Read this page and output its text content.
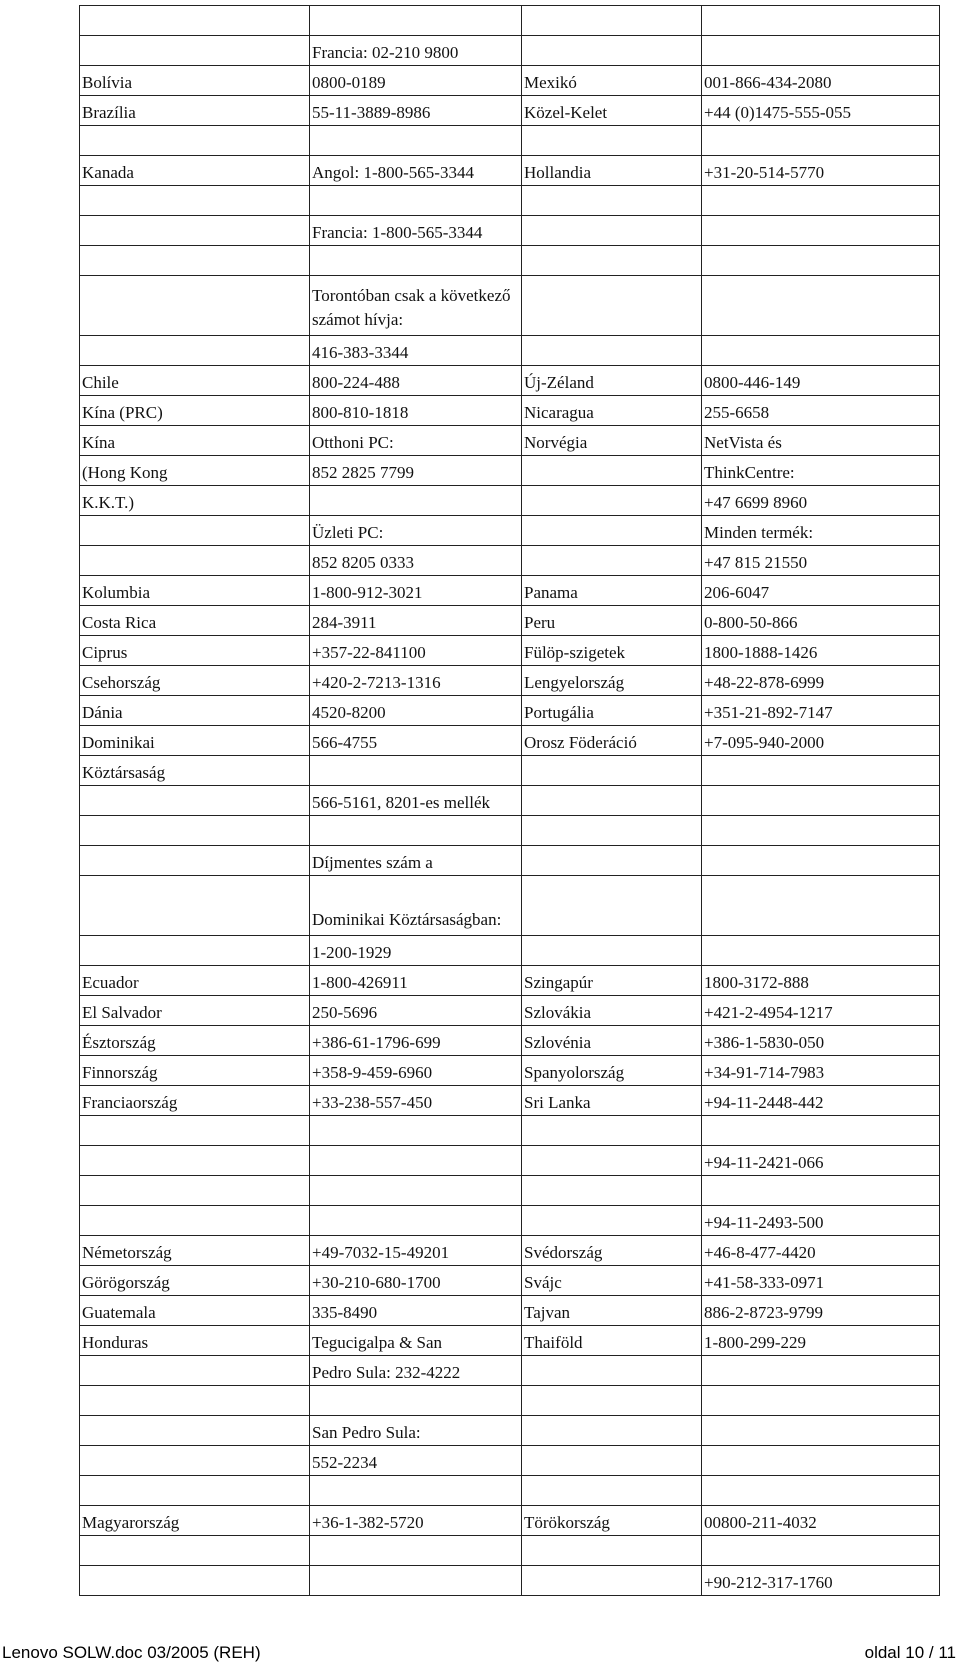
	Francia: 02-210 9800		
Bolívia	0800-0189	Mexikó	001-866-434-2080
Brazília	55-11-3889-8986	Közel-Kelet	+44 (0)1475-555-055

Kanada	Angol: 1-800-565-3344	Hollandia	+31-20-514-5770

	Francia: 1-800-565-3344		

	Torontóban csak a következő számot hívja:		
	416-383-3344		
Chile	800-224-488	Új-Zéland	0800-446-149
Kína (PRC)	800-810-1818	Nicaragua	255-6658
Kína	Otthoni PC:	Norvégia	NetVista és
(Hong Kong	852 2825 7799		ThinkCentre:
K.K.T.)			+47 6699 8960
	Üzleti PC:		Minden termék:
	852 8205 0333		+47 815 21550
Kolumbia	1-800-912-3021	Panama	206-6047
Costa Rica	284-3911	Peru	0-800-50-866
Ciprus	+357-22-841100	Fülöp-szigetek	1800-1888-1426
Csehország	+420-2-7213-1316	Lengyelország	+48-22-878-6999
Dánia	4520-8200	Portugália	+351-21-892-7147
Dominikai	566-4755	Orosz Föderáció	+7-095-940-2000
Köztársaság			
	566-5161, 8201-es mellék		

	Díjmentes szám a		
	Dominikai Köztársaságban:		
	1-200-1929		
Ecuador	1-800-426911	Szingapúr	1800-3172-888
El Salvador	250-5696	Szlovákia	+421-2-4954-1217
Észtország	+386-61-1796-699	Szlovénia	+386-1-5830-050
Finnország	+358-9-459-6960	Spanyolország	+34-91-714-7983
Franciaország	+33-238-557-450	Sri Lanka	+94-11-2448-442

			+94-11-2421-066

			+94-11-2493-500
Németország	+49-7032-15-49201	Svédország	+46-8-477-4420
Görögország	+30-210-680-1700	Svájc	+41-58-333-0971
Guatemala	335-8490	Tajvan	886-2-8723-9799
Honduras	Tegucigalpa & San	Thaiföld	1-800-299-229
	Pedro Sula: 232-4222		

	San Pedro Sula:		
	552-2234		

Magyarország	+36-1-382-5720	Törökország	00800-211-4032

			+90-212-317-1760
Lenovo SOLW.doc 03/2005 (REH)	oldal 10 / 11
